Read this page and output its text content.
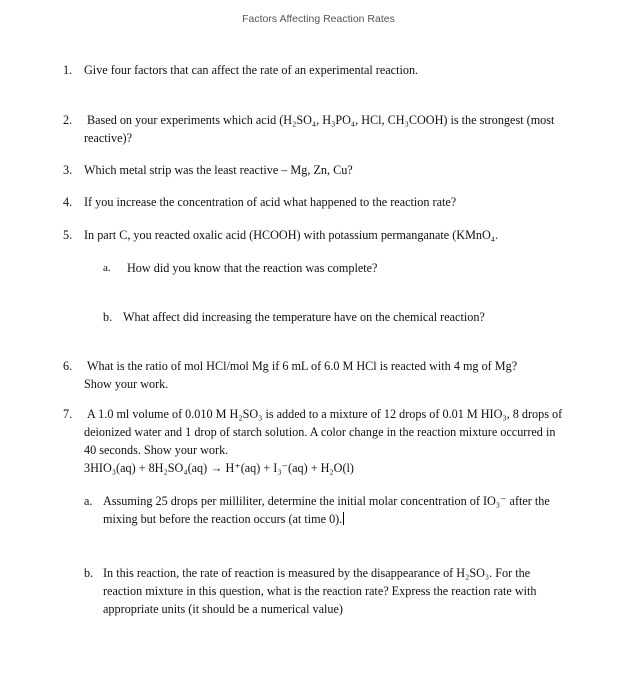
Factors Affecting Reaction Rates
1. Give four factors that can affect the rate of an experimental reaction.
2. Based on your experiments which acid (H₂SO₄, H₃PO₄, HCl, CH₃COOH) is the strongest (most
reactive)?
3. Which metal strip was the least reactive – Mg, Zn, Cu?
4. If you increase the concentration of acid what happened to the reaction rate?
5. In part C, you reacted oxalic acid (HCOOH) with potassium permanganate (KMnO₄.
a. How did you know that the reaction was complete?
b. What affect did increasing the temperature have on the chemical reaction?
6. What is the ratio of mol HCl/mol Mg if 6 mL of 6.0 M HCl is reacted with 4 mg of Mg?
Show your work.
7. A 1.0 ml volume of 0.010 M H₂SO₃ is added to a mixture of 12 drops of 0.01 M HIO₃, 8 drops of
deionized water and 1 drop of starch solution. A color change in the reaction mixture occurred in
40 seconds. Show your work.
3HIO₃(aq) + 8H₂SO₄(aq) → H⁺(aq) + I₃⁻(aq) + H₂O(l)
a. Assuming 25 drops per milliliter, determine the initial molar concentration of IO₃⁻ after the
mixing but before the reaction occurs (at time 0).
b. In this reaction, the rate of reaction is measured by the disappearance of H₂SO₃. For the
reaction mixture in this question, what is the reaction rate? Express the reaction rate with
appropriate units (it should be a numerical value)
